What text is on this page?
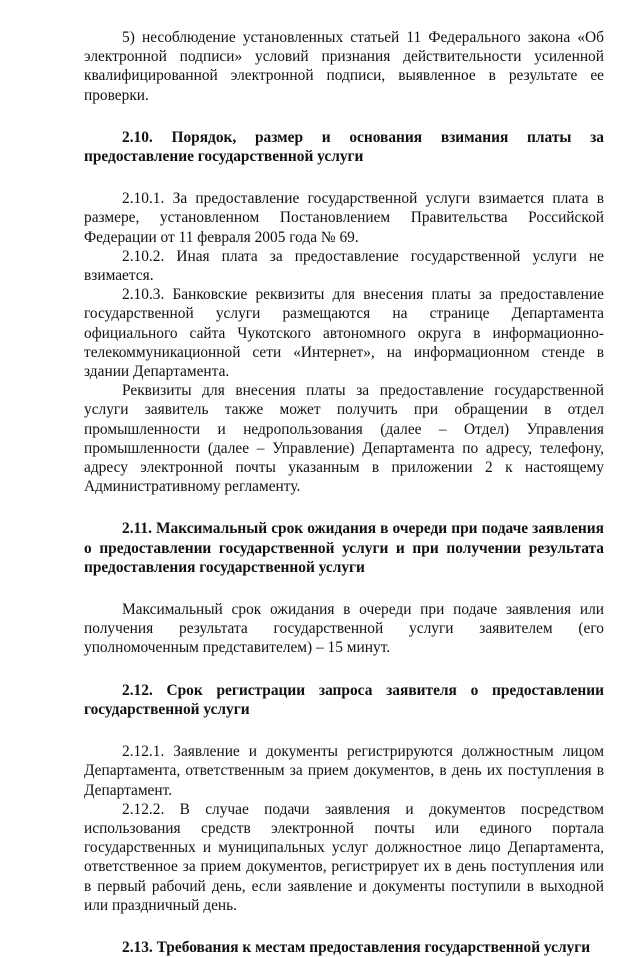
5) несоблюдение установленных статьей 11 Федерального закона «Об электронной подписи» условий признания действительности усиленной квалифицированной электронной подписи, выявленное в результате ее проверки.

2.10. Порядок, размер и основания взимания платы за предоставление государственной услуги

2.10.1. За предоставление государственной услуги взимается плата в размере, установленном Постановлением Правительства Российской Федерации от 11 февраля 2005 года № 69.

2.10.2. Иная плата за предоставление государственной услуги не взимается.

2.10.3. Банковские реквизиты для внесения платы за предоставление государственной услуги размещаются на странице Департамента официального сайта Чукотского автономного округа в информационно-телекоммуникационной сети «Интернет», на информационном стенде в здании Департамента.

Реквизиты для внесения платы за предоставление государственной услуги заявитель также может получить при обращении в отдел промышленности и недропользования (далее – Отдел) Управления промышленности (далее – Управление) Департамента по адресу, телефону, адресу электронной почты указанным в приложении 2 к настоящему Административному регламенту.

2.11. Максимальный срок ожидания в очереди при подаче заявления о предоставлении государственной услуги и при получении результата предоставления государственной услуги

Максимальный срок ожидания в очереди при подаче заявления или получения результата государственной услуги заявителем (его уполномоченным представителем) – 15 минут.

2.12. Срок регистрации запроса заявителя о предоставлении государственной услуги

2.12.1. Заявление и документы регистрируются должностным лицом Департамента, ответственным за прием документов, в день их поступления в Департамент.

2.12.2. В случае подачи заявления и документов посредством использования средств электронной почты или единого портала государственных и муниципальных услуг должностное лицо Департамента, ответственное за прием документов, регистрирует их в день поступления или в первый рабочий день, если заявление и документы поступили в выходной или праздничный день.

2.13. Требования к местам предоставления государственной услуги
